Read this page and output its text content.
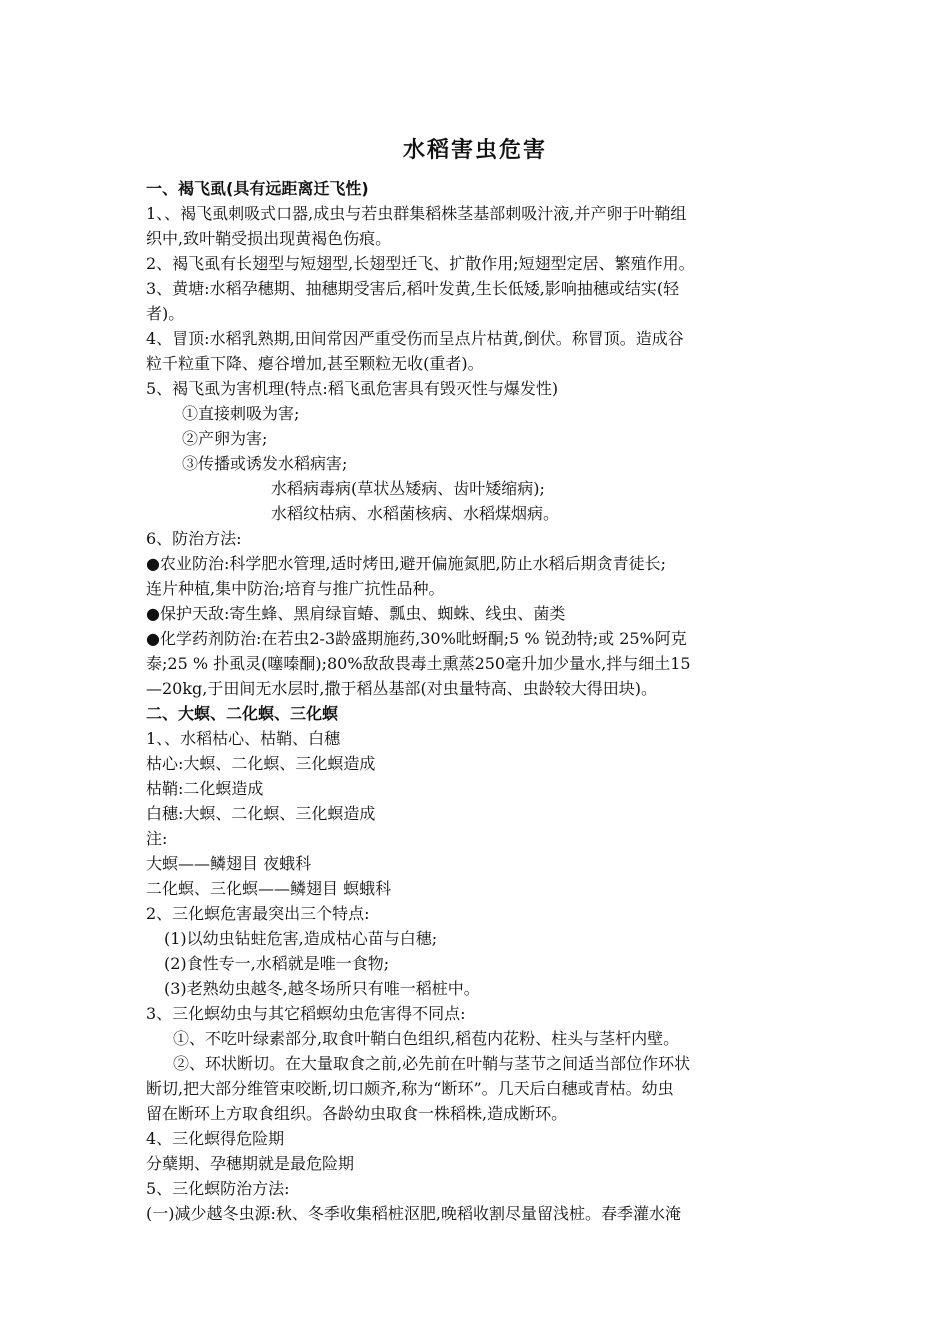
水稻害虫危害
一、褐飞虱(具有远距离迁飞性)
1、、褐飞虱刺吸式口器,成虫与若虫群集稻株茎基部刺吸汁液,并产卵于叶鞘组
织中,致叶鞘受损出现黄褐色伤痕。
2、褐飞虱有长翅型与短翅型,长翅型迁飞、扩散作用;短翅型定居、繁殖作用。
3、黄塘:水稻孕穗期、抽穗期受害后,稻叶发黄,生长低矮,影响抽穗或结实(轻
者)。
4、冒顶:水稻乳熟期,田间常因严重受伤而呈点片枯黄,倒伏。称冒顶。造成谷
粒千粒重下降、瘪谷增加,甚至颗粒无收(重者)。
5、褐飞虱为害机理(特点:稻飞虱危害具有毁灭性与爆发性)
①直接刺吸为害;
②产卵为害;
③传播或诱发水稻病害;
水稻病毒病(草状丛矮病、齿叶矮缩病);
水稻纹枯病、水稻菌核病、水稻煤烟病。
6、防治方法:
●农业防治:科学肥水管理,适时烤田,避开偏施氮肥,防止水稻后期贪青徒长;
连片种植,集中防治;培育与推广抗性品种。
●保护天敌:寄生蜂、黑肩绿盲蝽、瓢虫、蜘蛛、线虫、菌类
●化学药剂防治:在若虫2-3龄盛期施药,30%吡蚜酮;5 % 锐劲特;或 25%阿克
泰;25 % 扑虱灵(噻嗪酮);80%敌敌畏毒土熏蒸250毫升加少量水,拌与细土15
—20kg,于田间无水层时,撒于稻丛基部(对虫量特高、虫龄较大得田块)。
二、大螟、二化螟、三化螟
1、、水稻枯心、枯鞘、白穗
枯心:大螟、二化螟、三化螟造成
枯鞘:二化螟造成
白穗:大螟、二化螟、三化螟造成
注:
大螟——鳞翅目 夜蛾科
二化螟、三化螟——鳞翅目 螟蛾科
2、三化螟危害最突出三个特点:
(1)以幼虫钻蛀危害,造成枯心苗与白穗;
(2)食性专一,水稻就是唯一食物;
(3)老熟幼虫越冬,越冬场所只有唯一稻桩中。
3、三化螟幼虫与其它稻螟幼虫危害得不同点:
①、不吃叶绿素部分,取食叶鞘白色组织,稻苞内花粉、柱头与茎杆内壁。
②、环状断切。在大量取食之前,必先前在叶鞘与茎节之间适当部位作环状
断切,把大部分维管束咬断,切口颇齐,称为“断环”。几天后白穗或青枯。幼虫
留在断环上方取食组织。各龄幼虫取食一株稻株,造成断环。
4、三化螟得危险期
分蘖期、孕穗期就是最危险期
5、三化螟防治方法:
(一)减少越冬虫源:秋、冬季收集稻桩沤肥,晚稻收割尽量留浅桩。春季灌水淹
